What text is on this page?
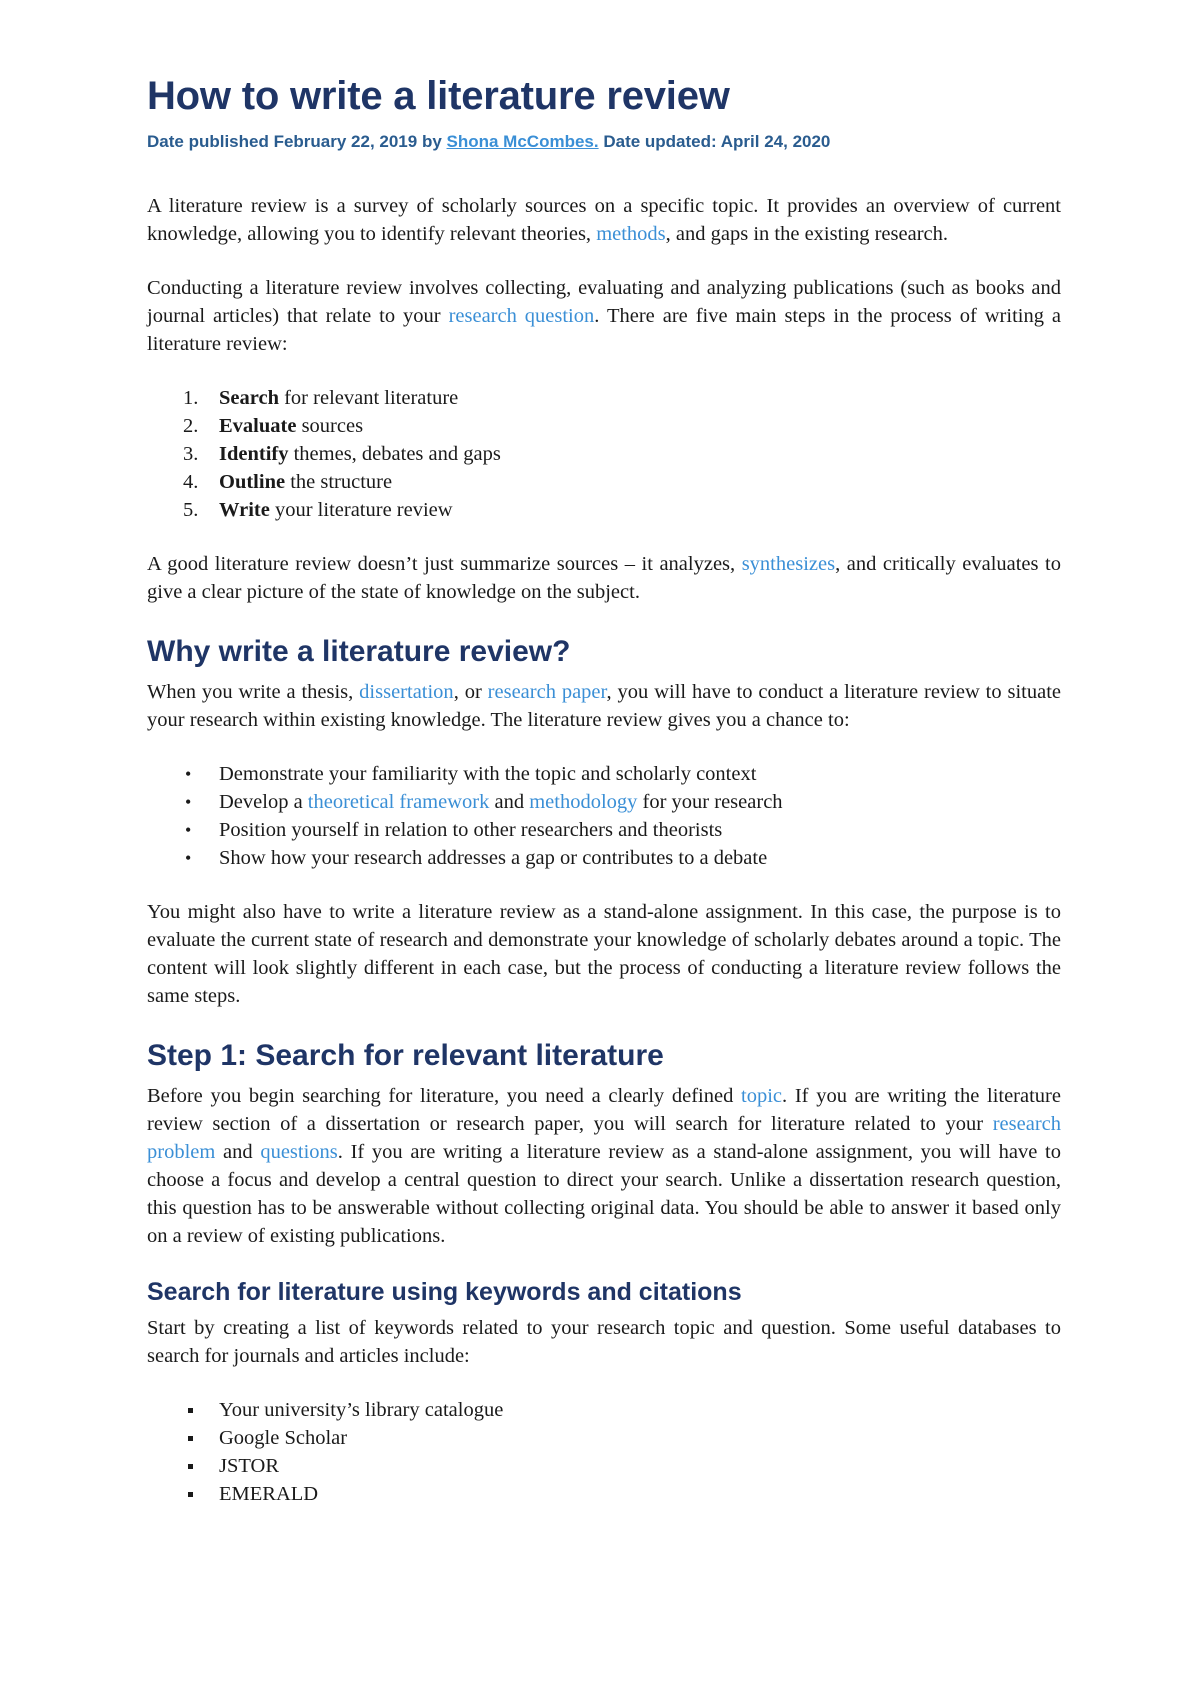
How to write a literature review
Date published February 22, 2019 by Shona McCombes. Date updated: April 24, 2020

A literature review is a survey of scholarly sources on a specific topic. It provides an overview of current knowledge, allowing you to identify relevant theories, methods, and gaps in the existing research.

Conducting a literature review involves collecting, evaluating and analyzing publications (such as books and journal articles) that relate to your research question. There are five main steps in the process of writing a literature review:

1.	Search for relevant literature
2.	Evaluate sources
3.	Identify themes, debates and gaps
4.	Outline the structure
5.	Write your literature review

A good literature review doesn’t just summarize sources – it analyzes, synthesizes, and critically evaluates to give a clear picture of the state of knowledge on the subject.

Why write a literature review?

When you write a thesis, dissertation, or research paper, you will have to conduct a literature review to situate your research within existing knowledge. The literature review gives you a chance to:

• Demonstrate your familiarity with the topic and scholarly context
• Develop a theoretical framework and methodology for your research
• Position yourself in relation to other researchers and theorists
• Show how your research addresses a gap or contributes to a debate

You might also have to write a literature review as a stand-alone assignment. In this case, the purpose is to evaluate the current state of research and demonstrate your knowledge of scholarly debates around a topic. The content will look slightly different in each case, but the process of conducting a literature review follows the same steps.

Step 1: Search for relevant literature

Before you begin searching for literature, you need a clearly defined topic. If you are writing the literature review section of a dissertation or research paper, you will search for literature related to your research problem and questions. If you are writing a literature review as a stand-alone assignment, you will have to choose a focus and develop a central question to direct your search. Unlike a dissertation research question, this question has to be answerable without collecting original data. You should be able to answer it based only on a review of existing publications.

Search for literature using keywords and citations

Start by creating a list of keywords related to your research topic and question. Some useful databases to search for journals and articles include:

Your university’s library catalogue
Google Scholar
JSTOR
EMERALD
